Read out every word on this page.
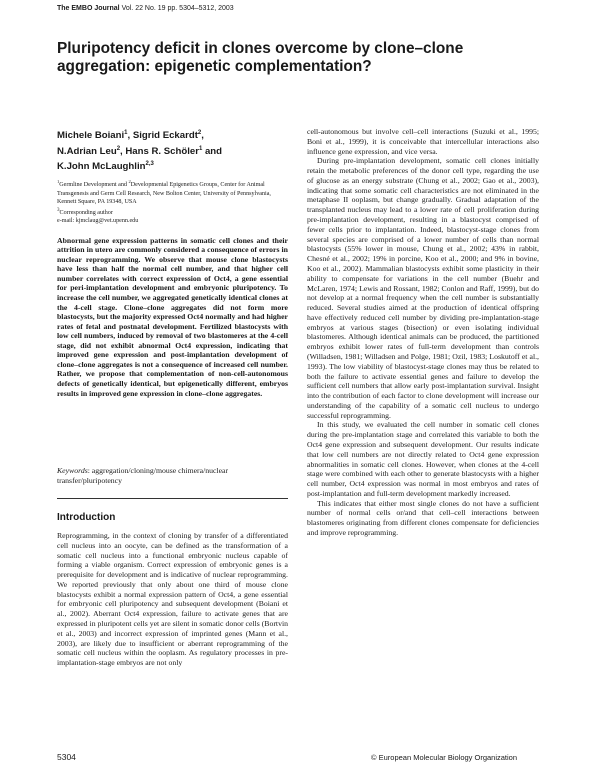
The EMBO Journal Vol. 22 No. 19 pp. 5304–5312, 2003
Pluripotency deficit in clones overcome by clone–clone aggregation: epigenetic complementation?
Michele Boiani$^1$, Sigrid Eckardt$^2$,
N.Adrian Leu$^2$, Hans R. Schöler$^1$ and
K.John McLaughlin$^{2,3}$
$^1$Germline Development and $^2$Developmental Epigenetics Groups, Center for Animal Transgenesis and Germ Cell Research, New Bolton Center, University of Pennsylvania, Kennett Square, PA 19348, USA
$^3$Corresponding author
e-mail: kjmclaug@vet.upenn.edu

Abnormal gene expression patterns in somatic cell clones and their attrition in utero are commonly considered a consequence of errors in nuclear reprogramming. We observe that mouse clone blastocysts have less than half the normal cell number, and that higher cell number correlates with correct expression of Oct4, a gene essential for peri-implantation development and embryonic pluripotency. To increase the cell number, we aggregated genetically identical clones at the 4-cell stage. Clone–clone aggregates did not form more blastocysts, but the majority expressed Oct4 normally and had higher rates of fetal and postnatal development. Fertilized blastocysts with low cell numbers, induced by removal of two blastomeres at the 4-cell stage, did not exhibit abnormal Oct4 expression, indicating that improved gene expression and post-implantation development of clone–clone aggregates is not a consequence of increased cell number. Rather, we propose that complementation of non-cell-autonomous defects of genetically identical, but epigenetically different, embryos results in improved gene expression in clone–clone aggregates.

Keywords: aggregation/cloning/mouse chimera/nuclear transfer/pluripotency
Introduction

Reprogramming, in the context of cloning by transfer of a differentiated cell nucleus into an oocyte, can be defined as the transformation of a somatic cell nucleus into a functional embryonic nucleus capable of forming a viable organism. Correct expression of embryonic genes is a prerequisite for development and is indicative of nuclear reprogramming. We reported previously that only about one third of mouse clone blastocysts exhibit a normal expression pattern of Oct4, a gene essential for embryonic cell pluripotency and subsequent development (Boiani et al., 2002). Aberrant Oct4 expression, failure to activate genes that are expressed in pluripotent cells yet are silent in somatic donor cells (Bortvin et al., 2003) and incorrect expression of imprinted genes (Mann et al., 2003), are likely due to insufficient or aberrant reprogramming of the somatic cell nucleus within the ooplasm. As regulatory processes in pre-implantation-stage embryos are not only

cell-autonomous but involve cell–cell interactions (Suzuki et al., 1995; Boni et al., 1999), it is conceivable that intercellular interactions also influence gene expression, and vice versa.

During pre-implantation development, somatic cell clones initially retain the metabolic preferences of the donor cell type, regarding the use of glucose as an energy substrate (Chung et al., 2002; Gao et al., 2003), indicating that some somatic cell characteristics are not eliminated in the metaphase II ooplasm, but change gradually. Gradual adaptation of the transplanted nucleus may lead to a lower rate of cell proliferation during pre-implantation development, resulting in a blastocyst comprised of fewer cells prior to implantation. Indeed, blastocyst-stage clones from several species are comprised of a lower number of cells than normal blastocysts (55% lower in mouse, Chung et al., 2002; 43% in rabbit, Chesné et al., 2002; 19% in porcine, Koo et al., 2000; and 9% in bovine, Koo et al., 2002). Mammalian blastocysts exhibit some plasticity in their ability to compensate for variations in the cell number (Buehr and McLaren, 1974; Lewis and Rossant, 1982; Conlon and Raff, 1999), but do not develop at a normal frequency when the cell number is substantially reduced. Several studies aimed at the production of identical offspring have effectively reduced cell number by dividing pre-implantation-stage embryos at various stages (bisection) or even isolating individual blastomeres. Although identical animals can be produced, the partitioned embryos exhibit lower rates of full-term development than controls (Willadsen, 1981; Willadsen and Polge, 1981; Ozil, 1983; Loskutoff et al., 1993). The low viability of blastocyst-stage clones may thus be related to both the failure to activate essential genes and failure to develop the sufficient cell numbers that allow early post-implantation survival. Insight into the contribution of each factor to clone development will increase our understanding of the capability of a somatic cell nucleus to undergo successful reprogramming.

In this study, we evaluated the cell number in somatic cell clones during the pre-implantation stage and correlated this variable to both the Oct4 gene expression and subsequent development. Our results indicate that low cell numbers are not directly related to Oct4 gene expression abnormalities in somatic cell clones. However, when clones at the 4-cell stage were combined with each other to generate blastocysts with a higher cell number, Oct4 expression was normal in most embryos and rates of post-implantation and full-term development markedly increased.

This indicates that either most single clones do not have a sufficient number of normal cells or/and that cell–cell interactions between blastomeres originating from different clones compensate for deficiencies and improve reprogramming.

5304	© European Molecular Biology Organization
